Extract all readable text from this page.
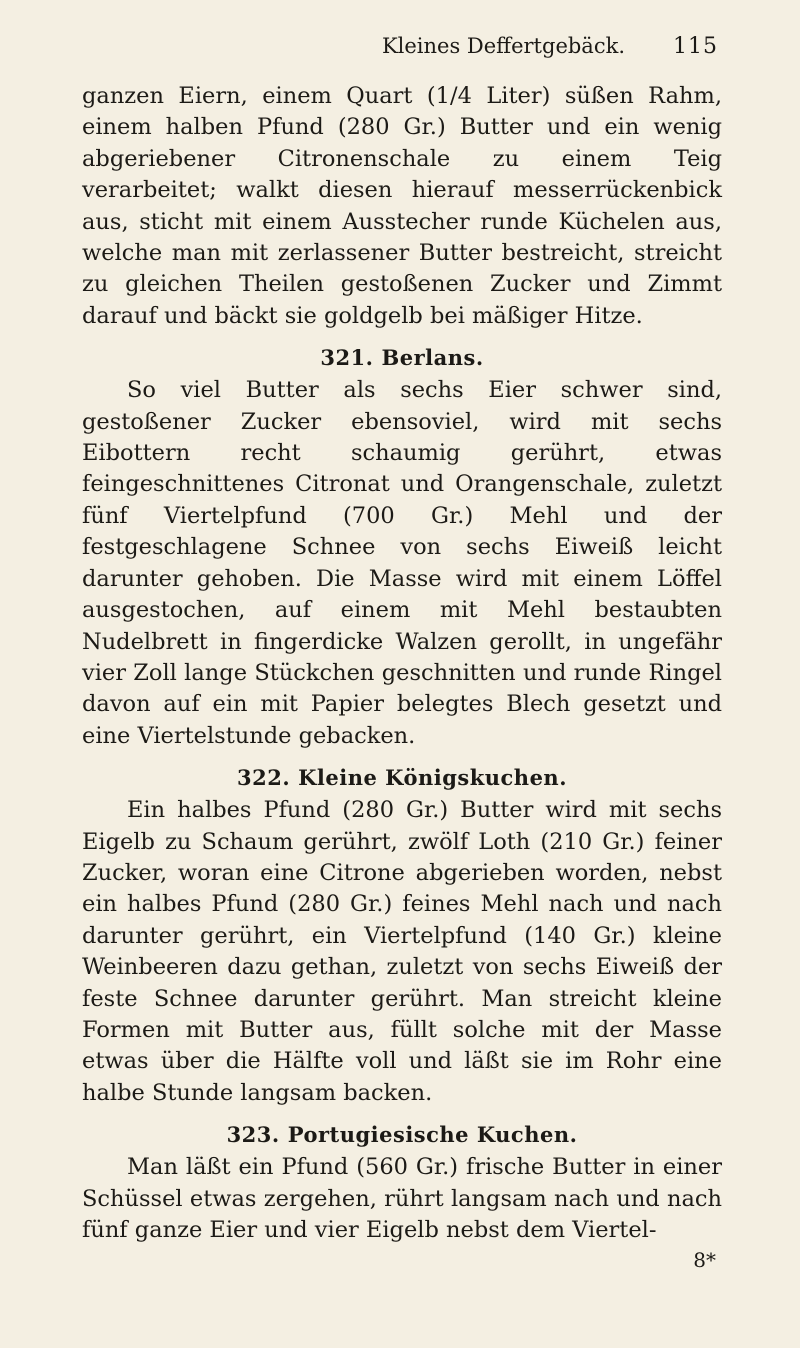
Kleines Deffertgebäck. 115

ganzen Eiern, einem Quart (1/4 Liter) süßen Rahm, einem halben Pfund (280 Gr.) Butter und ein wenig abgeriebener Citronenschale zu einem Teig verarbeitet; walkt diesen hierauf messerrückenbick aus, sticht mit einem Ausstecher runde Küchelen aus, welche man mit zerlassener Butter bestreicht, streicht zu gleichen Theilen gestoßenen Zucker und Zimmt darauf und bäckt sie goldgelb bei mäßiger Hitze.

321. Berlans.

So viel Butter als sechs Eier schwer sind, gestoßener Zucker ebensoviel, wird mit sechs Eibottern recht schaumig gerührt, etwas feingeschnittenes Citronat und Orangenschale, zuletzt fünf Viertelpfund (700 Gr.) Mehl und der festgeschlagene Schnee von sechs Eiweiß leicht darunter gehoben. Die Masse wird mit einem Löffel ausgestochen, auf einem mit Mehl bestaubten Nudelbrett in fingerdicke Walzen gerollt, in ungefähr vier Zoll lange Stückchen geschnitten und runde Ringel davon auf ein mit Papier belegtes Blech gesetzt und eine Viertelstunde gebacken.

322. Kleine Königskuchen.

Ein halbes Pfund (280 Gr.) Butter wird mit sechs Eigelb zu Schaum gerührt, zwölf Loth (210 Gr.) feiner Zucker, woran eine Citrone abgerieben worden, nebst ein halbes Pfund (280 Gr.) feines Mehl nach und nach darunter gerührt, ein Viertelpfund (140 Gr.) kleine Weinbeeren dazu gethan, zuletzt von sechs Eiweiß der feste Schnee darunter gerührt. Man streicht kleine Formen mit Butter aus, füllt solche mit der Masse etwas über die Hälfte voll und läßt sie im Rohr eine halbe Stunde langsam backen.

323. Portugiesische Kuchen.

Man läßt ein Pfund (560 Gr.) frische Butter in einer Schüssel etwas zergehen, rührt langsam nach und nach fünf ganze Eier und vier Eigelb nebst dem Viertel-

8*
